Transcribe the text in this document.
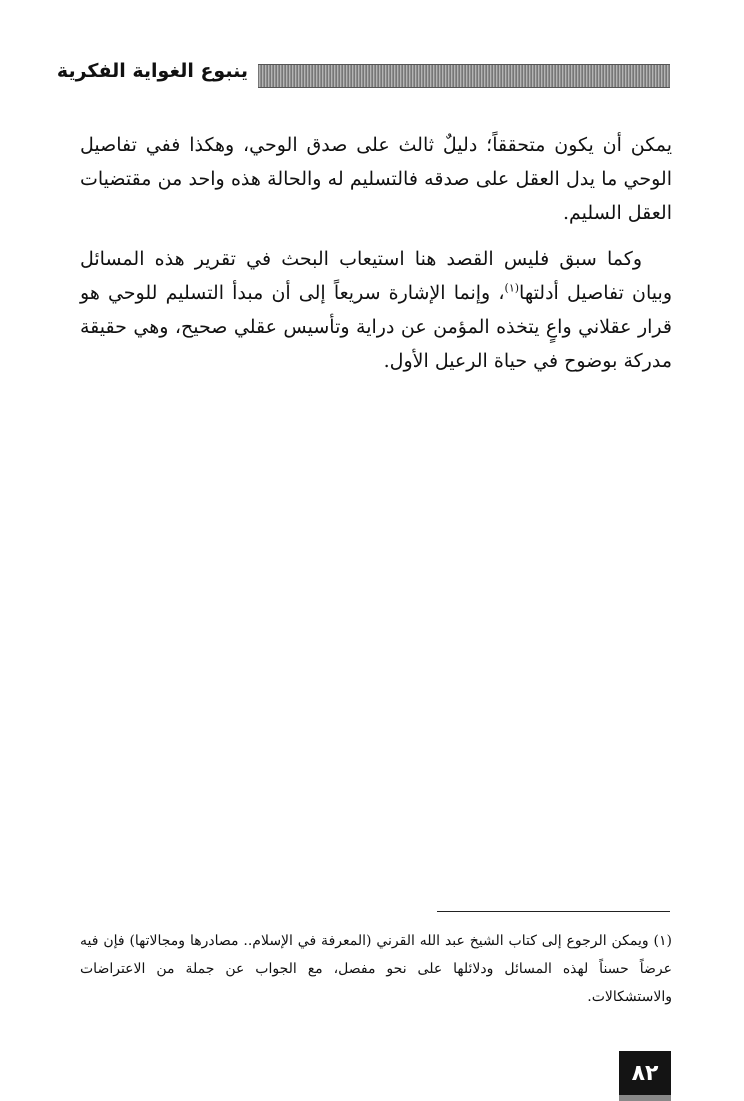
ينبوع الغواية الفكرية

يمكن أن يكون متحققاً؛ دليلٌ ثالث على صدق الوحي، وهكذا ففي تفاصيل الوحي ما يدل العقل على صدقه فالتسليم له والحالة هذه واحد من مقتضيات العقل السليم.

وكما سبق فليس القصد هنا استيعاب البحث في تقرير هذه المسائل وبيان تفاصيل أدلتها$^{(١)}$، وإنما الإشارة سريعاً إلى أن مبدأ التسليم للوحي هو قرار عقلاني واعٍ يتخذه المؤمن عن دراية وتأسيس عقلي صحيح، وهي حقيقة مدركة بوضوح في حياة الرعيل الأول.

(١) ويمكن الرجوع إلى كتاب الشيخ عبد الله القرني (المعرفة في الإسلام.. مصادرها ومجالاتها) فإن فيه عرضاً حسناً لهذه المسائل ودلائلها على نحو مفصل، مع الجواب عن جملة من الاعتراضات والاستشكالات.
٨٢
